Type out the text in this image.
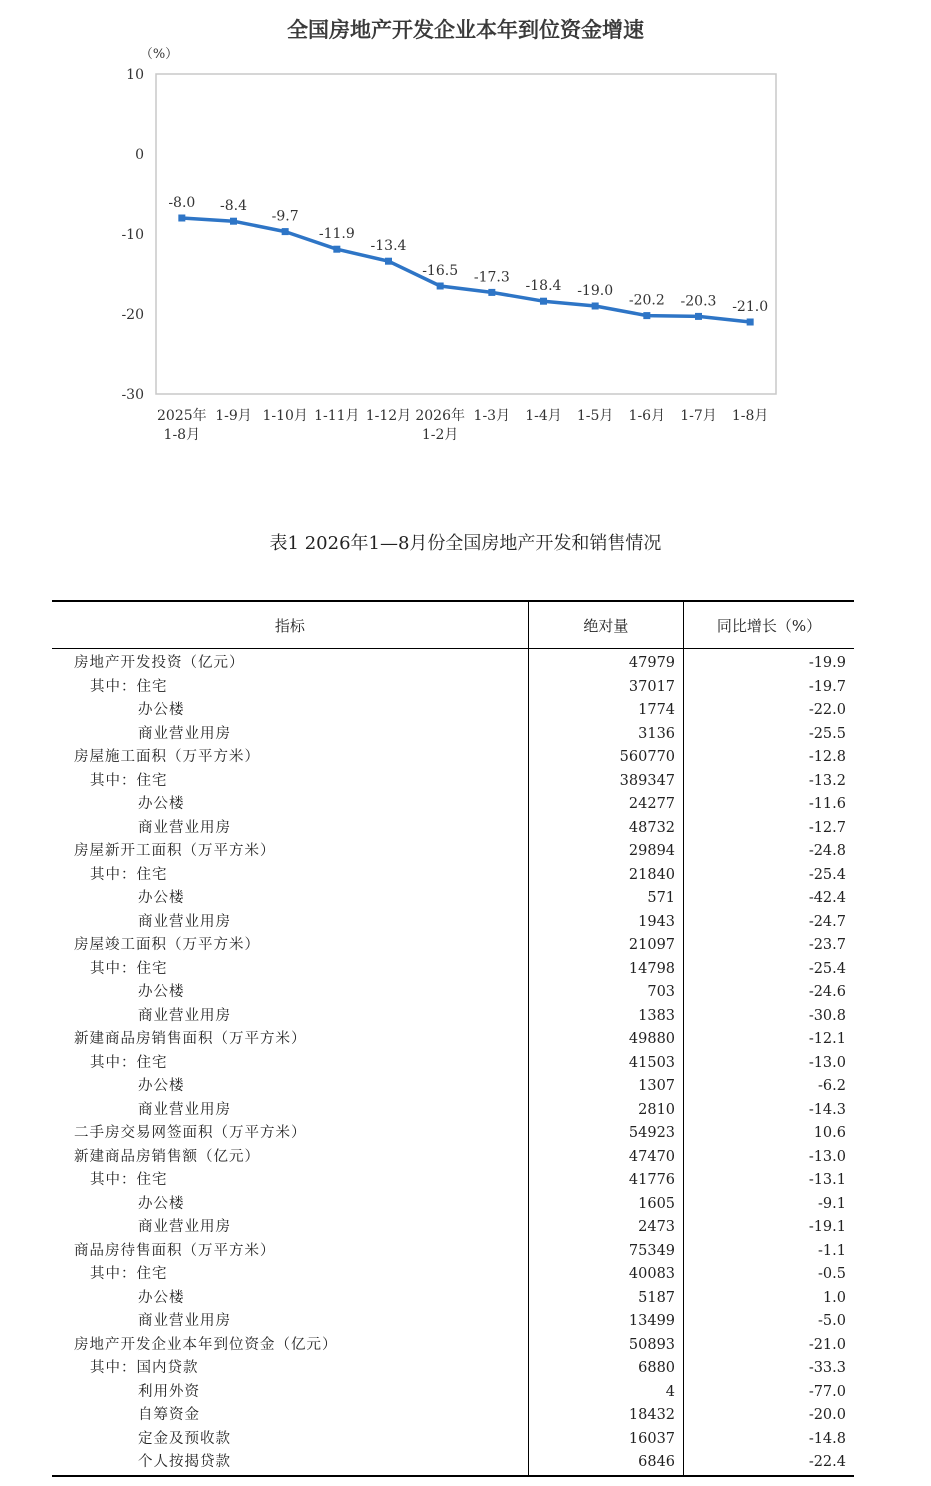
全国房地产开发企业本年到位资金增速
（%）
10
0
-10
-20
-30
2025年
1-8月
1-9月 1-10月 1-11月 1-12月 2026年
1-2月
1-3月 1-4月 1-5月 1-6月 1-7月 1-8月
-8.0 -8.4
-9.7
-11.9
-13.4
-16.5 -17.3
-18.4 -19.0
-20.2 -20.3 -21.0
表1 2026年1—8月份全国房地产开发和销售情况
指标	绝对量	同比增长（%）
房地产开发投资（亿元）	47979	-19.9
其中：住宅	37017	-19.7
办公楼	1774	-22.0
商业营业用房	3136	-25.5
房屋施工面积（万平方米）	560770	-12.8
其中：住宅	389347	-13.2
办公楼	24277	-11.6
商业营业用房	48732	-12.7
房屋新开工面积（万平方米）	29894	-24.8
其中：住宅	21840	-25.4
办公楼	571	-42.4
商业营业用房	1943	-24.7
房屋竣工面积（万平方米）	21097	-23.7
其中：住宅	14798	-25.4
办公楼	703	-24.6
商业营业用房	1383	-30.8
新建商品房销售面积（万平方米）	49880	-12.1
其中：住宅	41503	-13.0
办公楼	1307	-6.2
商业营业用房	2810	-14.3
二手房交易网签面积（万平方米）	54923	10.6
新建商品房销售额（亿元）	47470	-13.0
其中：住宅	41776	-13.1
办公楼	1605	-9.1
商业营业用房	2473	-19.1
商品房待售面积（万平方米）	75349	-1.1
其中：住宅	40083	-0.5
办公楼	5187	1.0
商业营业用房	13499	-5.0
房地产开发企业本年到位资金（亿元）	50893	-21.0
其中：国内贷款	6880	-33.3
利用外资	4	-77.0
自筹资金	18432	-20.0
定金及预收款	16037	-14.8
个人按揭贷款	6846	-22.4
